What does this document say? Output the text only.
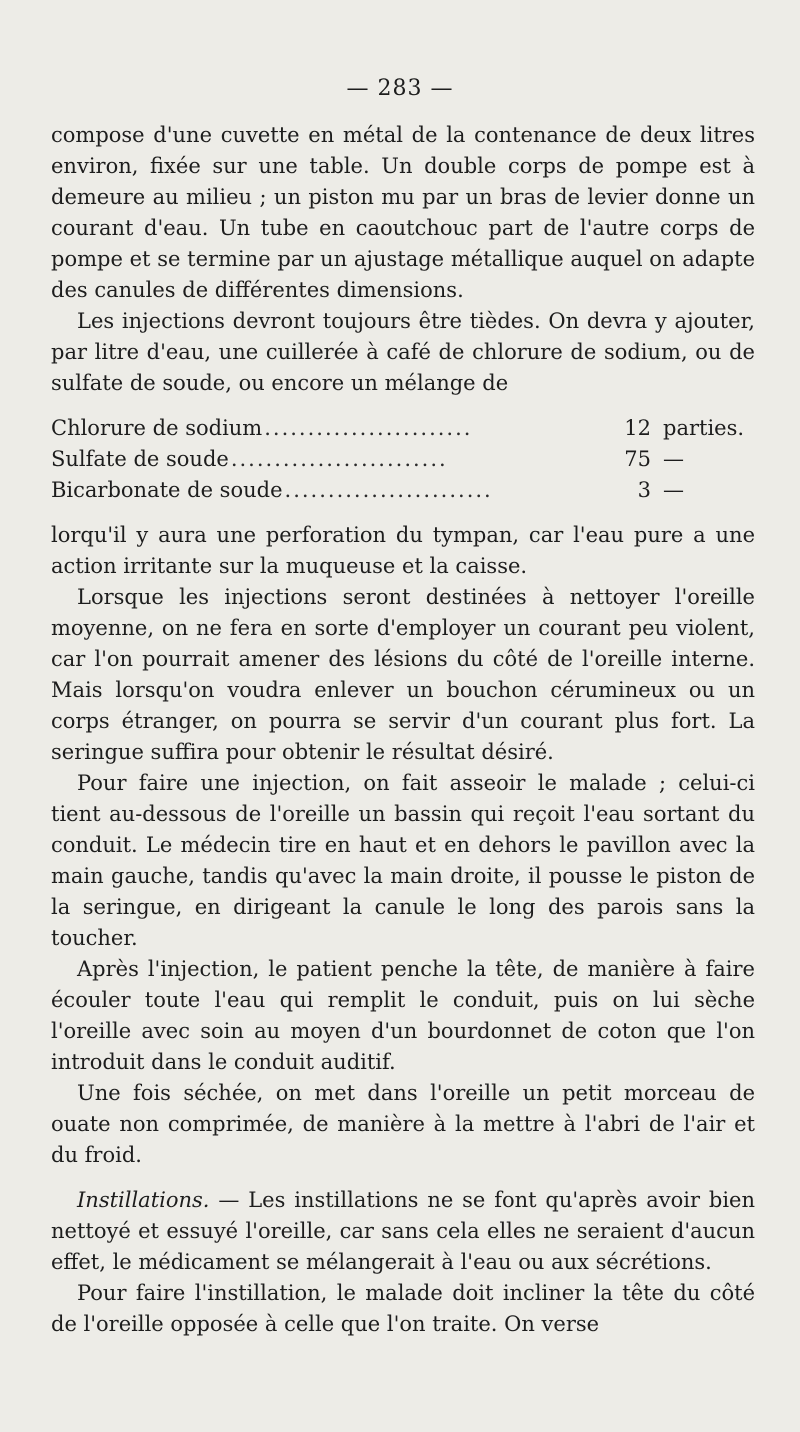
— 283 —

compose d'une cuvette en métal de la contenance de deux litres environ, fixée sur une table. Un double corps de pompe est à demeure au milieu ; un piston mu par un bras de levier donne un courant d'eau. Un tube en caoutchouc part de l'autre corps de pompe et se termine par un ajustage métallique auquel on adapte des canules de différentes dimensions.

Les injections devront toujours être tièdes. On devra y ajouter, par litre d'eau, une cuillerée à café de chlorure de sodium, ou de sulfate de soude, ou encore un mélange de

Chlorure de sodium ........................	12 parties.
Sulfate de soude .........................	75 —
Bicarbonate de soude ........................	3 —

lorqu'il y aura une perforation du tympan, car l'eau pure a une action irritante sur la muqueuse et la caisse.

Lorsque les injections seront destinées à nettoyer l'oreille moyenne, on ne fera en sorte d'employer un courant peu violent, car l'on pourrait amener des lésions du côté de l'oreille interne. Mais lorsqu'on voudra enlever un bouchon cérumineux ou un corps étranger, on pourra se servir d'un courant plus fort. La seringue suffira pour obtenir le résultat désiré.

Pour faire une injection, on fait asseoir le malade ; celui-ci tient au-dessous de l'oreille un bassin qui reçoit l'eau sortant du conduit. Le médecin tire en haut et en dehors le pavillon avec la main gauche, tandis qu'avec la main droite, il pousse le piston de la seringue, en dirigeant la canule le long des parois sans la toucher.

Après l'injection, le patient penche la tête, de manière à faire écouler toute l'eau qui remplit le conduit, puis on lui sèche l'oreille avec soin au moyen d'un bourdonnet de coton que l'on introduit dans le conduit auditif.

Une fois séchée, on met dans l'oreille un petit morceau de ouate non comprimée, de manière à la mettre à l'abri de l'air et du froid.

Instillations. — Les instillations ne se font qu'après avoir bien nettoyé et essuyé l'oreille, car sans cela elles ne seraient d'aucun effet, le médicament se mélangerait à l'eau ou aux sécrétions.

Pour faire l'instillation, le malade doit incliner la tête du côté de l'oreille opposée à celle que l'on traite. On verse
